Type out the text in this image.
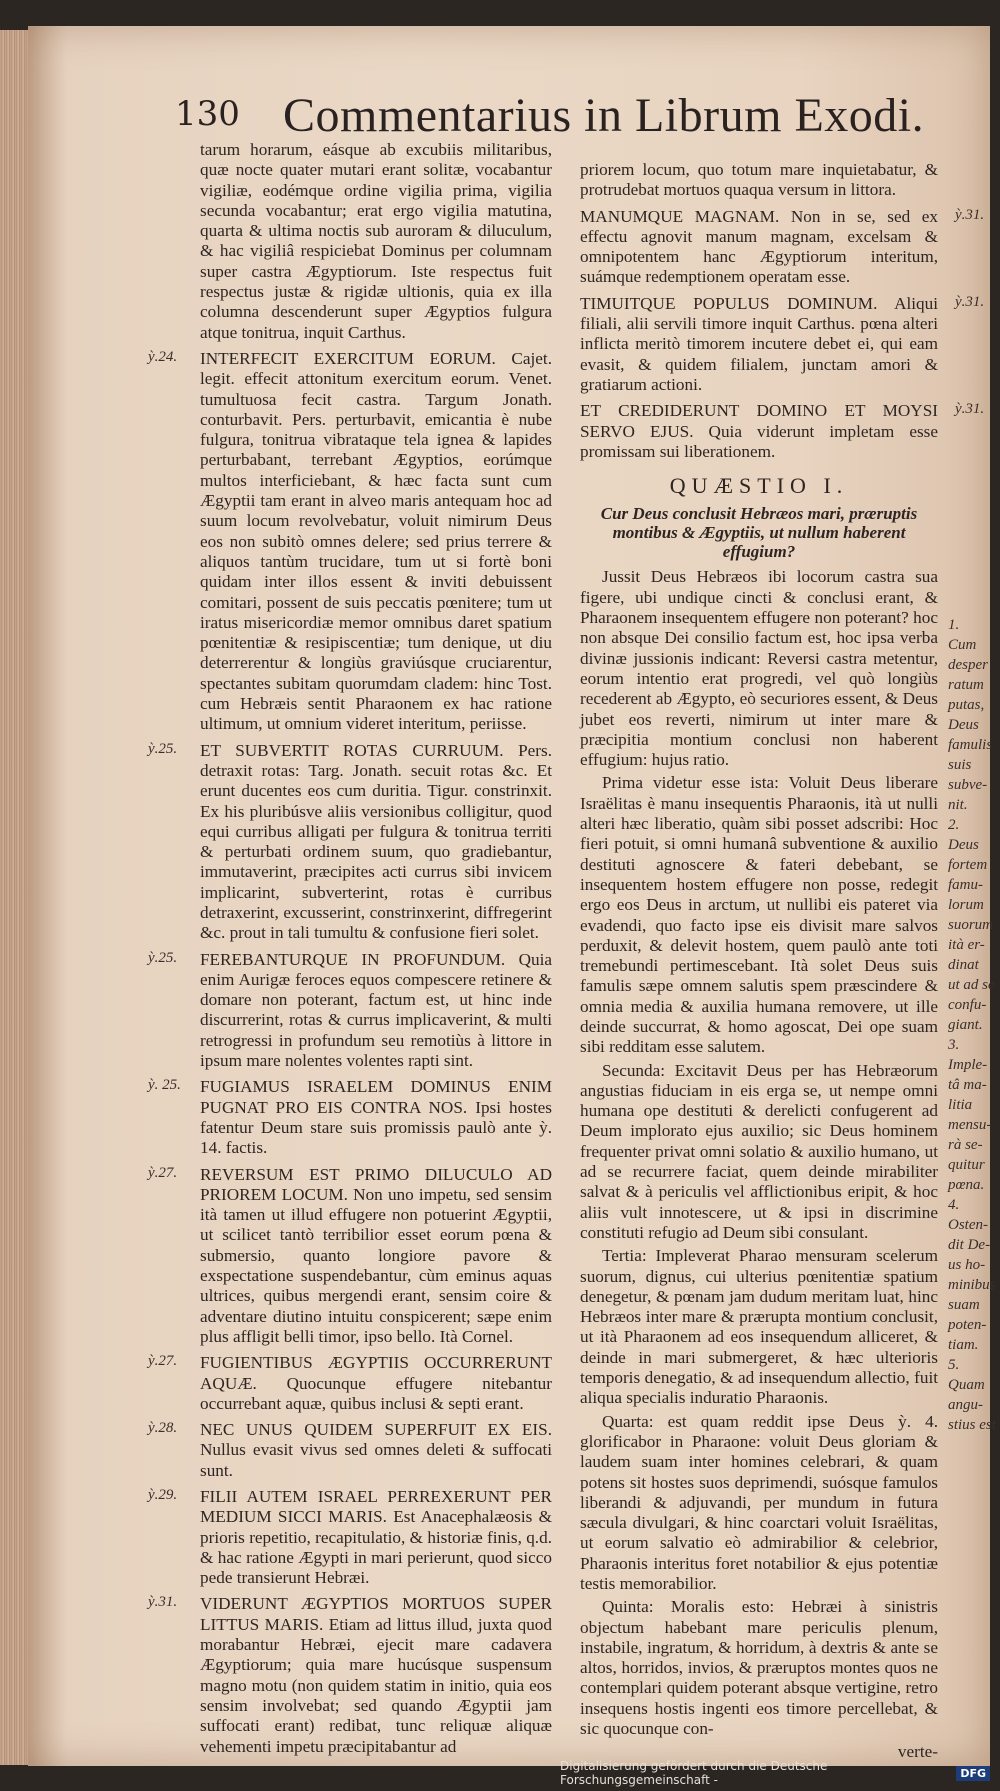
130 Commentarius in Librum Exodi.

tarum horarum, eásque ab excubiis militaribus, quæ nocte quater mutari erant solitæ, vocabantur vigiliæ, eodémque ordine vigilia prima, vigilia secunda vocabantur; erat ergo vigilia matutina, quarta & ultima noctis sub auroram & diluculum, & hac vigiliâ respiciebat Dominus per columnam super castra Ægyptiorum. Iste respectus fuit respectus justæ & rigidæ ultionis, quia ex illa columna descenderunt super Ægyptios fulgura atque tonitrua, inquit Carthus.

INTERFECIT EXERCITUM EORUM. Cajet. legit. effecit attonitum exercitum eorum. Venet. tumultuosa fecit castra. Targum Jonath. conturbavit. Pers. perturbavit, emicantia è nube fulgura, tonitrua vibrataque tela ignea & lapides perturbabant, terrebant Ægyptios, eorúmque multos interficiebant, & hæc facta sunt cum Ægyptii tam erant in alveo maris antequam hoc ad suum locum revolvebatur, voluit nimirum Deus eos non subitò omnes delere; sed prius terrere & aliquos tantùm trucidare, tum ut si fortè boni quidam inter illos essent & inviti debuissent comitari, possent de suis peccatis pœnitere; tum ut iratus misericordiæ memor omnibus daret spatium pœnitentiæ & resipiscentiæ; tum denique, ut diu deterrerentur & longiùs graviúsque cruciarentur, spectantes subitam quorumdam cladem: hinc Tost. cum Hebræis sentit Pharaonem ex hac ratione ultimum, ut omnium videret interitum, periisse.

ET SUBVERTIT ROTAS CURRUUM. Pers. detraxit rotas: Targ. Jonath. secuit rotas &c. Et erunt ducentes eos cum duritia. Tigur. constrinxit. Ex his pluribúsve aliis versionibus colligitur, quod equi curribus alligati per fulgura & tonitrua territi & perturbati ordinem suum, quo gradiebantur, immutaverint, præcipites acti currus sibi invicem implicarint, subverterint, rotas è curribus detraxerint, excusserint, constrinxerint, diffregerint &c. prout in tali tumultu & confusione fieri solet.

FEREBANTURQUE IN PROFUNDUM. Quia enim Aurigæ feroces equos compescere retinere & domare non poterant, factum est, ut hinc inde discurrerint, rotas & currus implicaverint, & multi retrogressi in profundum seu remotiùs à littore in ipsum mare nolentes volentes rapti sint.

FUGIAMUS ISRAELEM DOMINUS ENIM PUGNAT PRO EIS CONTRA NOS. Ipsi hostes fatentur Deum stare suis promissis paulò ante ỳ. 14. factis.

REVERSUM EST PRIMO DILUCULO AD PRIOREM LOCUM. Non uno impetu, sed sensim ità tamen ut illud effugere non potuerint Ægyptii, ut scilicet tantò terribilior esset eorum pœna & submersio, quanto longiore pavore & exspectatione suspendebantur, cùm eminus aquas ultrices, quibus mergendi erant, sensim coire & adventare diutino intuitu conspicerent; sæpe enim plus affligit belli timor, ipso bello. Ità Cornel.

FUGIENTIBUS ÆGYPTIIS OCCURRERUNT AQUÆ. Quocunque effugere nitebantur occurrebant aquæ, quibus inclusi & septi erant.

NEC UNUS QUIDEM SUPERFUIT EX EIS. Nullus evasit vivus sed omnes deleti & suffocati sunt.

FILII AUTEM ISRAEL PERREXERUNT PER MEDIUM SICCI MARIS. Est Anacephalæosis & prioris repetitio, recapitulatio, & historiæ finis, q.d. & hac ratione Ægypti in mari perierunt, quod sicco pede transierunt Hebræi.

VIDERUNT ÆGYPTIOS MORTUOS SUPER LITTUS MARIS. Etiam ad littus illud, juxta quod morabantur Hebræi, ejecit mare cadavera Ægyptiorum; quia mare hucúsque suspensum magno motu (non quidem statim in initio, quia eos sensim involvebat; sed quando Ægyptii jam suffocati erant) redibat, tunc reliquæ aliquæ vehementi impetu præcipitabantur ad

priorem locum, quo totum mare inquietabatur, & protrudebat mortuos quaqua versum in littora.

MANUMQUE MAGNAM. Non in se, sed ex effectu agnovit manum magnam, excelsam & omnipotentem hanc Ægyptiorum interitum, suámque redemptionem operatam esse.

TIMUITQUE POPULUS DOMINUM. Aliqui filiali, alii servili timore inquit Carthus. pœna alteri inflicta meritò timorem incutere debet ei, qui eam evasit, & quidem filialem, junctam amori & gratiarum actioni.

ET CREDIDERUNT DOMINO ET MOYSI SERVO EJUS. Quia viderunt impletam esse promissam sui liberationem.

QUÆSTIO I.

Cur Deus conclusit Hebræos mari, præruptis montibus & Ægyptiis, ut nullum haberent effugium?

Jussit Deus Hebræos ibi locorum castra sua figere, ubi undique cincti & conclusi erant, & Pharaonem insequentem effugere non poterant? hoc non absque Dei consilio factum est, hoc ipsa verba divinæ jussionis indicant: Reversi castra metentur, eorum intentio erat progredi, vel quò longiùs recederent ab Ægypto, eò securiores essent, & Deus jubet eos reverti, nimirum ut inter mare & præcipitia montium conclusi non haberent effugium: hujus ratio.

Prima videtur esse ista: Voluit Deus liberare Israëlitas è manu insequentis Pharaonis, ità ut nulli alteri hæc liberatio, quàm sibi posset adscribi: Hoc fieri potuit, si omni humanâ subventione & auxilio destituti agnoscere & fateri debebant, se insequentem hostem effugere non posse, redegit ergo eos Deus in arctum, ut nullibi eis pateret via evadendi, quo facto ipse eis divisit mare salvos perduxit, & delevit hostem, quem paulò ante toti tremebundi pertimescebant. Ità solet Deus suis famulis sæpe omnem salutis spem præscindere & omnia media & auxilia humana removere, ut ille deinde succurrat, & homo agoscat, Dei ope suam sibi redditam esse salutem.

Secunda: Excitavit Deus per has Hebræorum angustias fiduciam in eis erga se, ut nempe omni humana ope destituti & derelicti confugerent ad Deum implorato ejus auxilio; sic Deus hominem frequenter privat omni solatio & auxilio humano, ut ad se recurrere faciat, quem deinde mirabiliter salvat & à periculis vel afflictionibus eripit, & hoc aliis vult innotescere, ut & ipsi in discrimine constituti refugio ad Deum sibi consulant.

Tertia: Impleverat Pharao mensuram scelerum suorum, dignus, cui ulterius pœnitentiæ spatium denegetur, & pœnam jam dudum meritam luat, hinc Hebræos inter mare & prærupta montium conclusit, ut ità Pharaonem ad eos insequendum alliceret, & deinde in mari submergeret, & hæc ulterioris temporis denegatio, & ad insequendum allectio, fuit aliqua specialis induratio Pharaonis.

Quarta: est quam reddit ipse Deus ỳ. 4. glorificabor in Pharaone: voluit Deus gloriam & laudem suam inter homines celebrari, & quam potens sit hostes suos deprimendi, suósque famulos liberandi & adjuvandi, per mundum in futura sæcula divulgari, & hinc coarctari voluit Israëlitas, ut eorum salvatio eò admirabilior & celebrior, Pharaonis interitus foret notabilior & ejus potentiæ testis memorabilior.

Quinta: Moralis esto: Hebræi à sinistris objectum habebant mare periculis plenum, instabile, ingratum, & horridum, à dextris & ante se altos, horridos, invios, & præruptos montes quos ne contemplari quidem poterant absque vertigine, retro insequens hostis ingenti eos timore percellebat, & sic quocunque con-

verte-

1.
Cum
desper
ratum
putas,
Deus
famulis
suis
subve-
nit.
2.
Deus
fortem
famu-
lorum
suorum
ità er-
dinat
ut ad se
confu-
giant.
3.
Imple-
tâ ma-
litia
mensu-
rà se-
quitur
pœna.
4.
Osten-
dit De-
us ho-
minibus
suam
poten-
tiam.
5.
Quam
angu-
stius est
Digitalisierung gefördert durch die Deutsche Forschungsgemeinschaft -	DFG
ỳ.24.
ỳ.25.
ỳ.25.
ỳ. 25.
ỳ.27.
ỳ.27.
ỳ.28.
ỳ.29.
ỳ.31.
ỳ.31.
ỳ.31.
ỳ.31.
